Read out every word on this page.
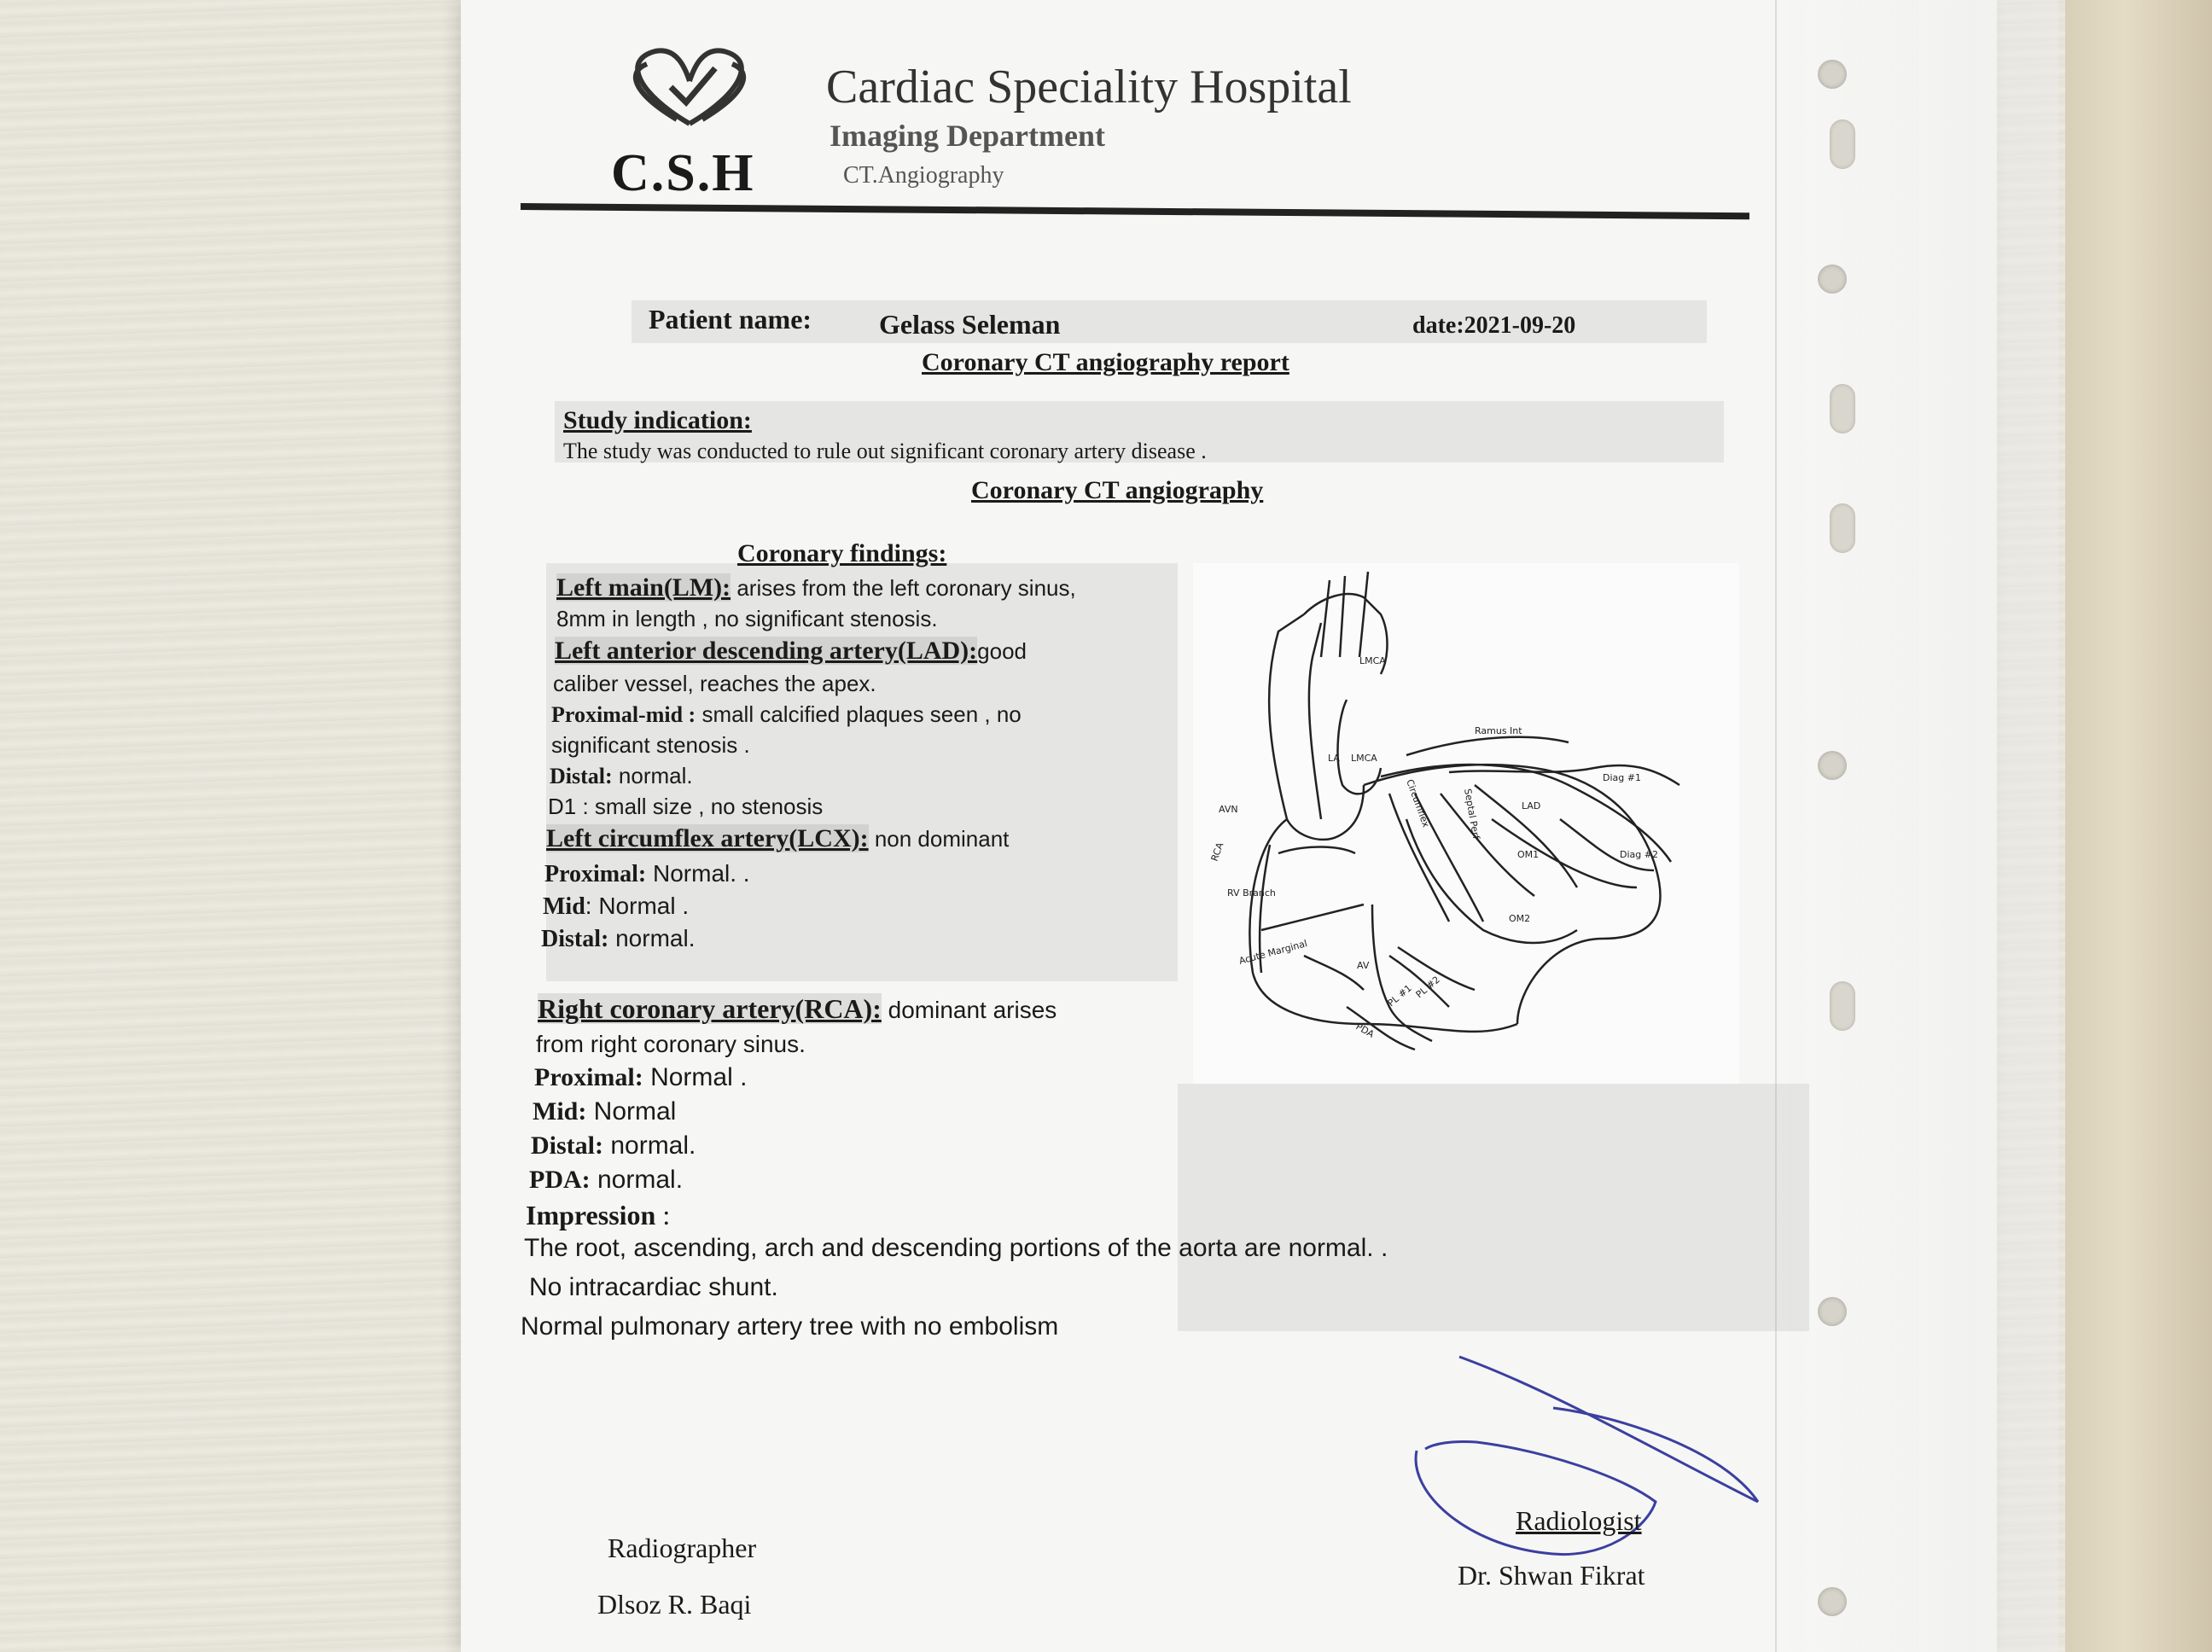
C.S.H
Cardiac Speciality Hospital
Imaging Department
CT.Angiography
Patient name: Gelass Seleman	date:2021-09-20
Coronary CT angiography report
Study indication:
The study was conducted to rule out significant coronary artery disease .
Coronary CT angiography
Coronary findings:
Left main(LM): arises from the left coronary sinus,
8mm in length , no significant stenosis.
Left anterior descending artery(LAD):good
caliber vessel, reaches the apex.
Proximal-mid : small calcified plaques seen , no
significant stenosis .
Distal: normal.
D1 : small size , no stenosis
Left circumflex artery(LCX): non dominant
Proximal: Normal. .
Mid: Normal .
Distal: normal.
Right coronary artery(RCA): dominant arises
from right coronary sinus.
Proximal: Normal .
Mid: Normal
Distal: normal.
PDA: normal.
Impression :
The root, ascending, arch and descending portions of the aorta are normal. .
No intracardiac shunt.
Normal pulmonary artery tree with no embolism
LMCA
Ramus Int
Diag #1
Diag #2
LAD
OM1
OM2
LA LMCA
Circumflex	Septal Perf
AVN
RCA
RV Branch
Acute Marginal	AV
PL #1 PL #2
PDA
Radiographer
Dlsoz R. Baqi
Radiologist
Dr. Shwan Fikrat
